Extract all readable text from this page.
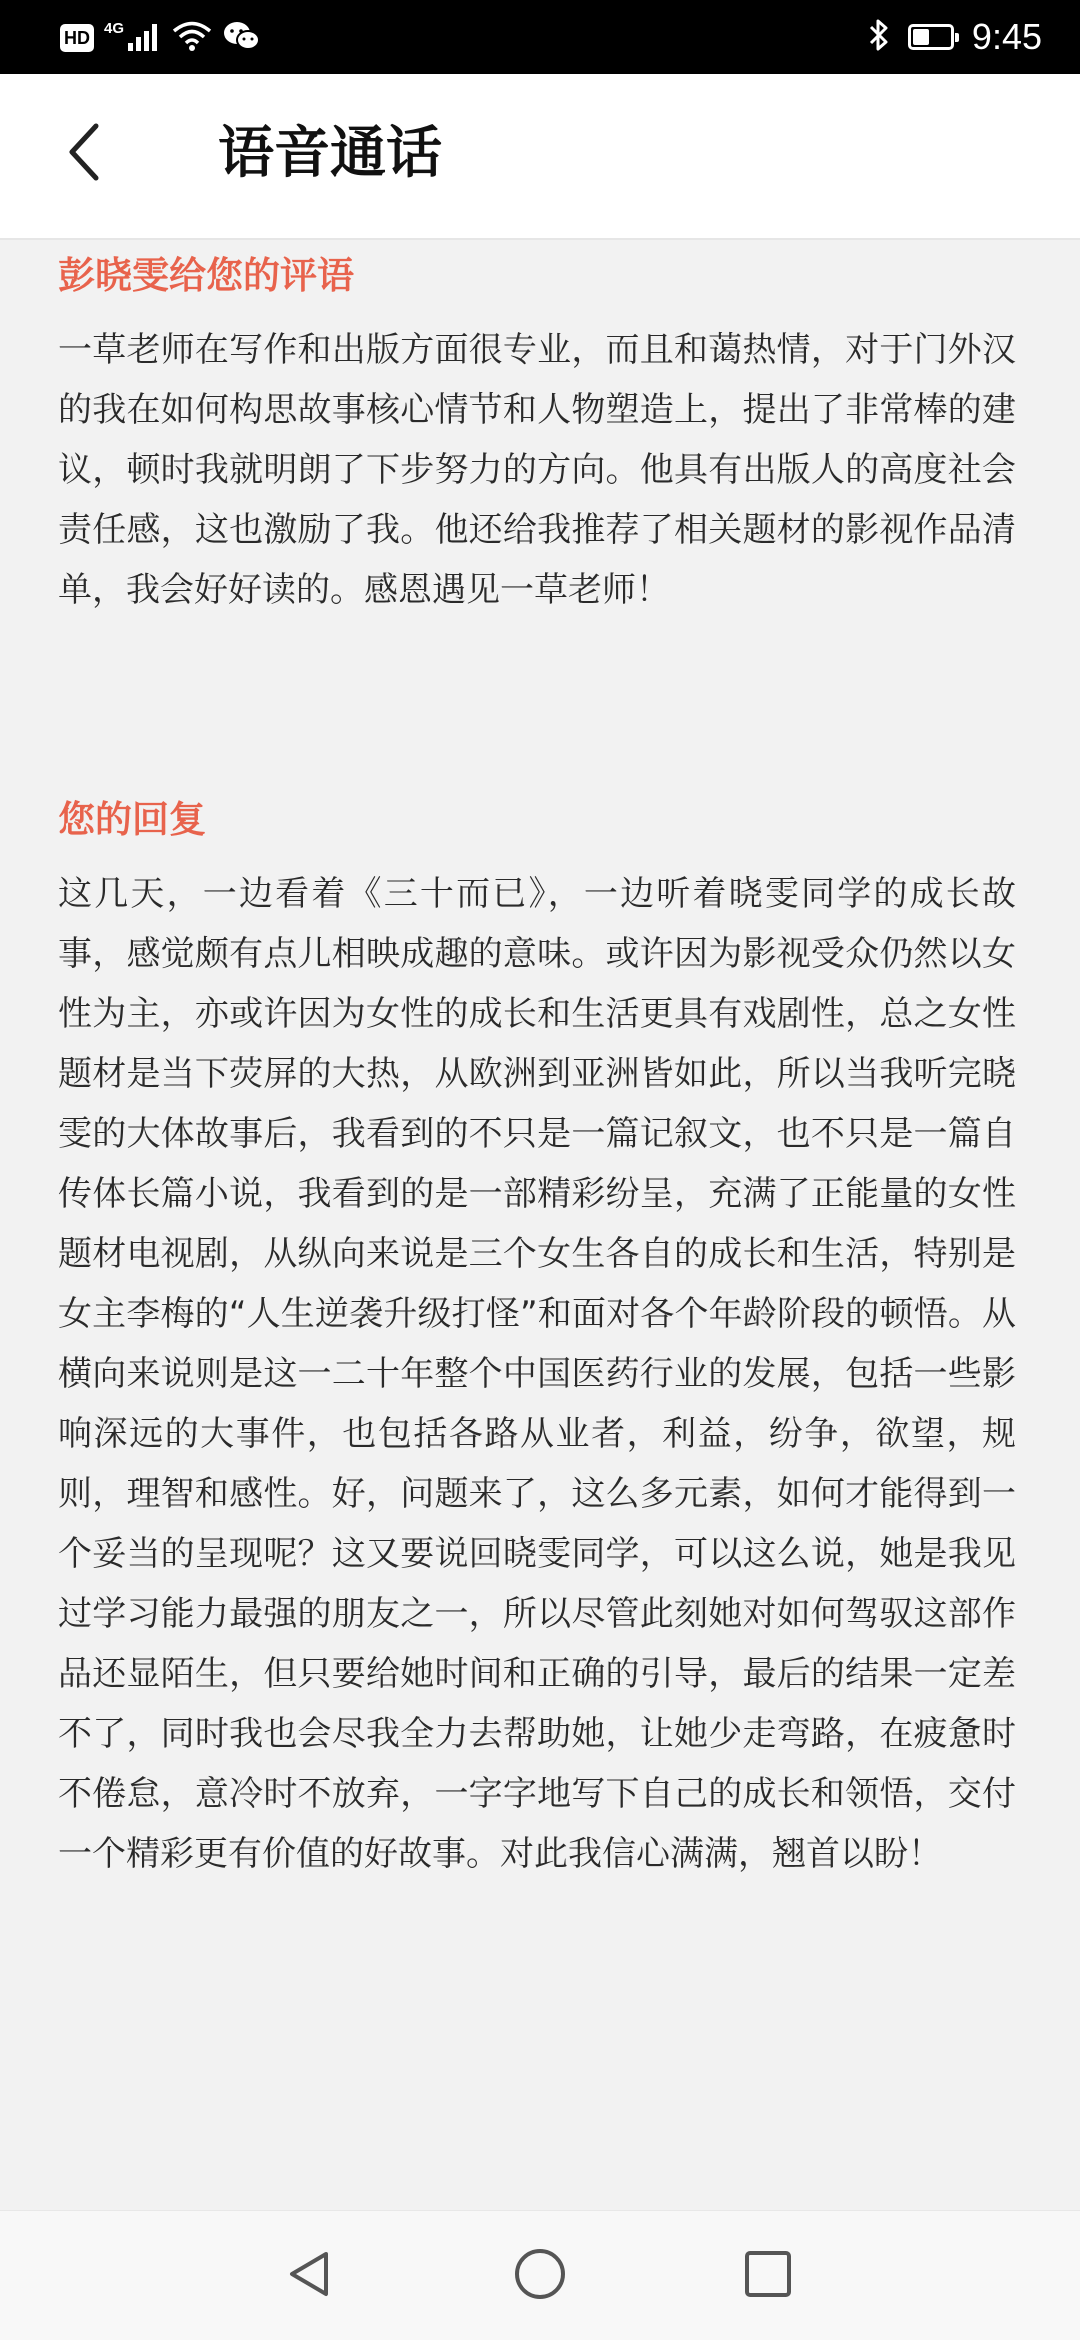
HD 4G	9:45
语音通话
彭晓雯给您的评语

一草老师在写作和出版方面很专业，而且和蔼热情，对于门外汉的我在如何构思故事核心情节和人物塑造上，提出了非常棒的建议，顿时我就明朗了下步努力的方向。他具有出版人的高度社会责任感，这也激励了我。他还给我推荐了相关题材的影视作品清单，我会好好读的。感恩遇见一草老师！

您的回复

这几天，一边看着《三十而已》，一边听着晓雯同学的成长故事，感觉颇有点儿相映成趣的意味。或许因为影视受众仍然以女性为主，亦或许因为女性的成长和生活更具有戏剧性，总之女性题材是当下荧屏的大热，从欧洲到亚洲皆如此，所以当我听完晓雯的大体故事后，我看到的不只是一篇记叙文，也不只是一篇自传体长篇小说，我看到的是一部精彩纷呈，充满了正能量的女性题材电视剧，从纵向来说是三个女生各自的成长和生活，特别是女主李梅的“人生逆袭升级打怪”和面对各个年龄阶段的顿悟。从横向来说则是这一二十年整个中国医药行业的发展，包括一些影响深远的大事件，也包括各路从业者，利益，纷争，欲望，规则，理智和感性。好，问题来了，这么多元素，如何才能得到一个妥当的呈现呢？这又要说回晓雯同学，可以这么说，她是我见过学习能力最强的朋友之一，所以尽管此刻她对如何驾驭这部作品还显陌生，但只要给她时间和正确的引导，最后的结果一定差不了，同时我也会尽我全力去帮助她，让她少走弯路，在疲惫时不倦怠，意冷时不放弃，一字字地写下自己的成长和领悟，交付一个精彩更有价值的好故事。对此我信心满满，翘首以盼！
